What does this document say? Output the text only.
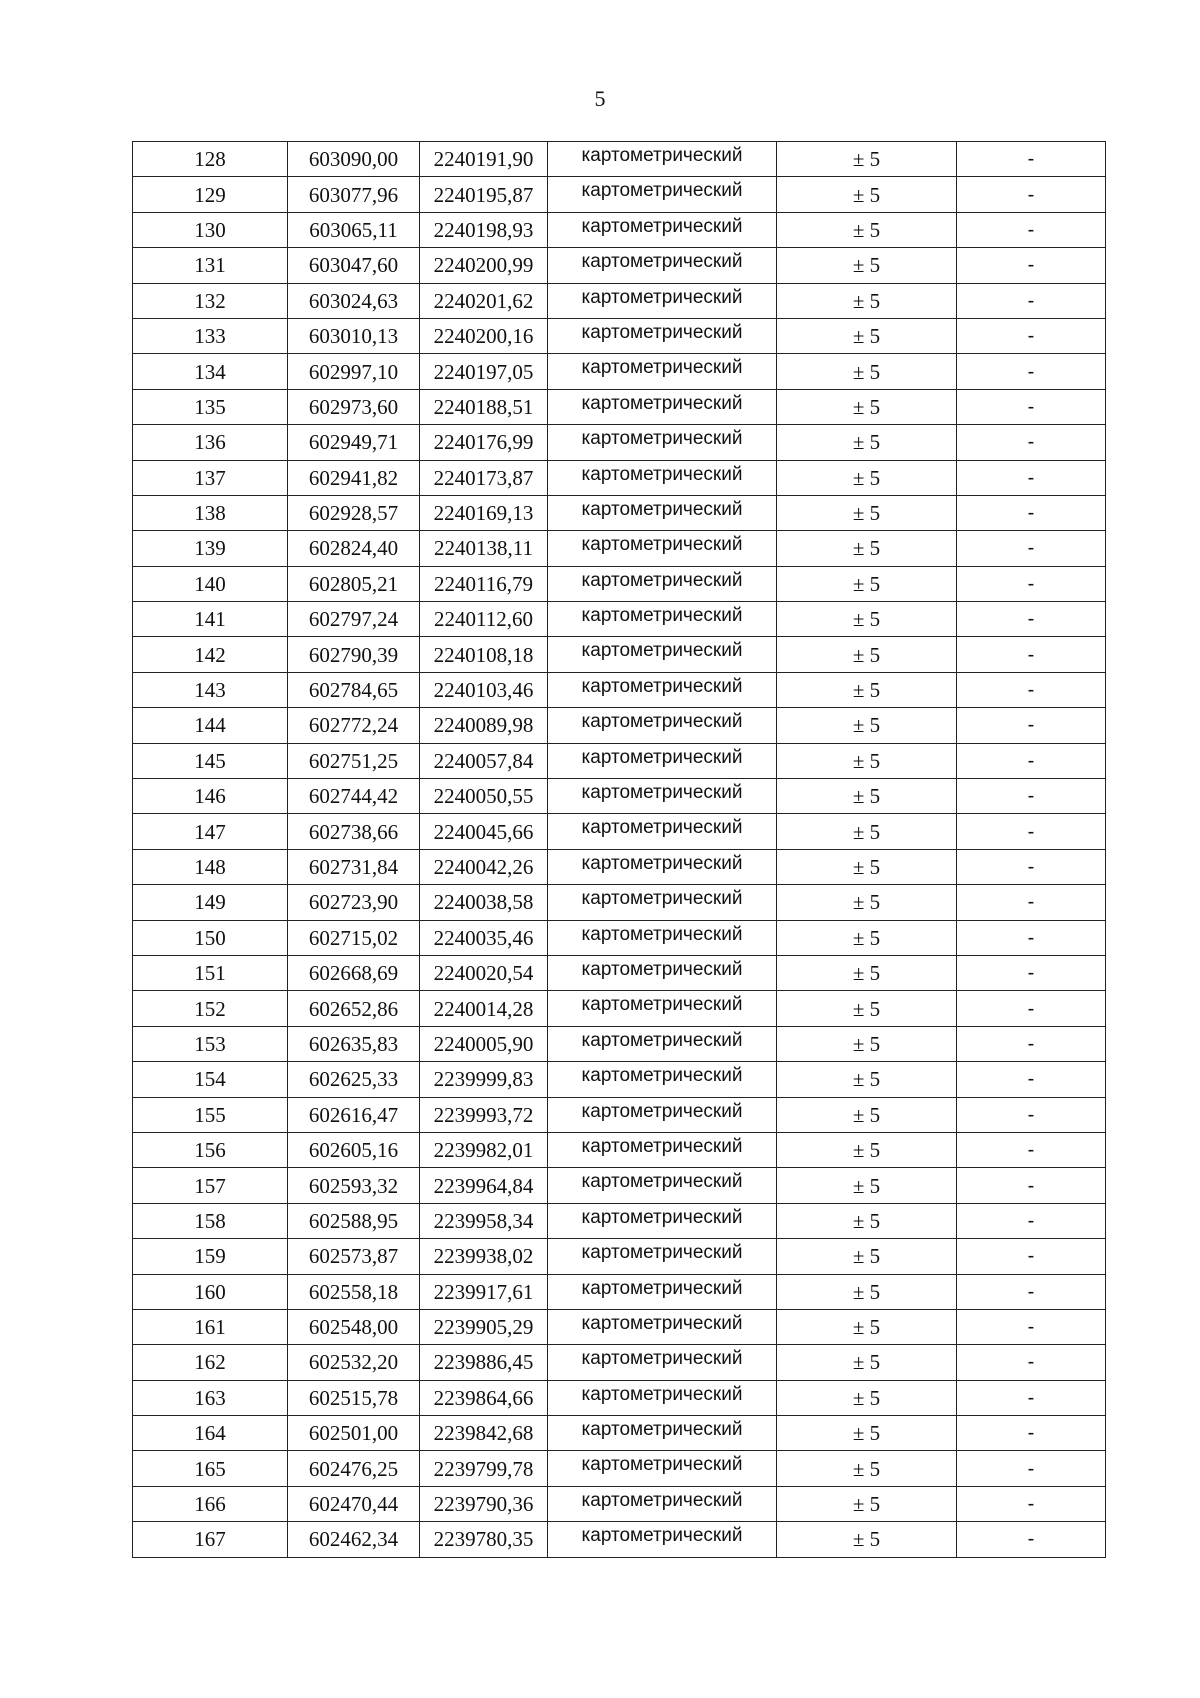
5
128	603090,00	2240191,90	картометрический	± 5	-
129	603077,96	2240195,87	картометрический	± 5	-
130	603065,11	2240198,93	картометрический	± 5	-
131	603047,60	2240200,99	картометрический	± 5	-
132	603024,63	2240201,62	картометрический	± 5	-
133	603010,13	2240200,16	картометрический	± 5	-
134	602997,10	2240197,05	картометрический	± 5	-
135	602973,60	2240188,51	картометрический	± 5	-
136	602949,71	2240176,99	картометрический	± 5	-
137	602941,82	2240173,87	картометрический	± 5	-
138	602928,57	2240169,13	картометрический	± 5	-
139	602824,40	2240138,11	картометрический	± 5	-
140	602805,21	2240116,79	картометрический	± 5	-
141	602797,24	2240112,60	картометрический	± 5	-
142	602790,39	2240108,18	картометрический	± 5	-
143	602784,65	2240103,46	картометрический	± 5	-
144	602772,24	2240089,98	картометрический	± 5	-
145	602751,25	2240057,84	картометрический	± 5	-
146	602744,42	2240050,55	картометрический	± 5	-
147	602738,66	2240045,66	картометрический	± 5	-
148	602731,84	2240042,26	картометрический	± 5	-
149	602723,90	2240038,58	картометрический	± 5	-
150	602715,02	2240035,46	картометрический	± 5	-
151	602668,69	2240020,54	картометрический	± 5	-
152	602652,86	2240014,28	картометрический	± 5	-
153	602635,83	2240005,90	картометрический	± 5	-
154	602625,33	2239999,83	картометрический	± 5	-
155	602616,47	2239993,72	картометрический	± 5	-
156	602605,16	2239982,01	картометрический	± 5	-
157	602593,32	2239964,84	картометрический	± 5	-
158	602588,95	2239958,34	картометрический	± 5	-
159	602573,87	2239938,02	картометрический	± 5	-
160	602558,18	2239917,61	картометрический	± 5	-
161	602548,00	2239905,29	картометрический	± 5	-
162	602532,20	2239886,45	картометрический	± 5	-
163	602515,78	2239864,66	картометрический	± 5	-
164	602501,00	2239842,68	картометрический	± 5	-
165	602476,25	2239799,78	картометрический	± 5	-
166	602470,44	2239790,36	картометрический	± 5	-
167	602462,34	2239780,35	картометрический	± 5	-
